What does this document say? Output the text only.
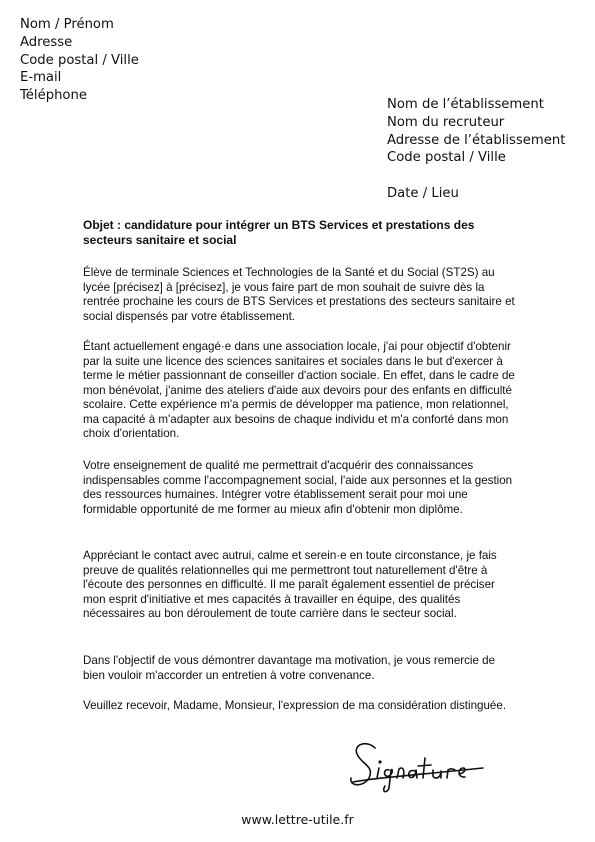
Nom / Prénom
Adresse
Code postal / Ville
E-mail
Téléphone
Nom de l’établissement
Nom du recruteur
Adresse de l’établissement
Code postal / Ville
Date / Lieu
Objet : candidature pour intégrer un BTS Services et prestations des secteurs sanitaire et social
Élève de terminale Sciences et Technologies de la Santé et du Social (ST2S) au lycée [précisez] à [précisez], je vous faire part de mon souhait de suivre dès la rentrée prochaine les cours de BTS Services et prestations des secteurs sanitaire et social dispensés par votre établissement.
Étant actuellement engagé·e dans une association locale, j'ai pour objectif d'obtenir par la suite une licence des sciences sanitaires et sociales dans le but d'exercer à terme le métier passionnant de conseiller d'action sociale. En effet, dans le cadre de mon bénévolat, j'anime des ateliers d'aide aux devoirs pour des enfants en difficulté scolaire. Cette expérience m'a permis de développer ma patience, mon relationnel, ma capacité à m'adapter aux besoins de chaque individu et m'a conforté dans mon choix d'orientation.
Votre enseignement de qualité me permettrait d'acquérir des connaissances indispensables comme l'accompagnement social, l'aide aux personnes et la gestion des ressources humaines. Intégrer votre établissement serait pour moi une formidable opportunité de me former au mieux afin d'obtenir mon diplôme.
Appréciant le contact avec autrui, calme et serein·e en toute circonstance, je fais preuve de qualités relationnelles qui me permettront tout naturellement d'être à l'écoute des personnes en difficulté. Il me paraît également essentiel de préciser mon esprit d'initiative et mes capacités à travailler en équipe, des qualités nécessaires au bon déroulement de toute carrière dans le secteur social.
Dans l'objectif de vous démontrer davantage ma motivation, je vous remercie de bien vouloir m'accorder un entretien à votre convenance.
Veuillez recevoir, Madame, Monsieur, l'expression de ma considération distinguée.
www.lettre-utile.fr
